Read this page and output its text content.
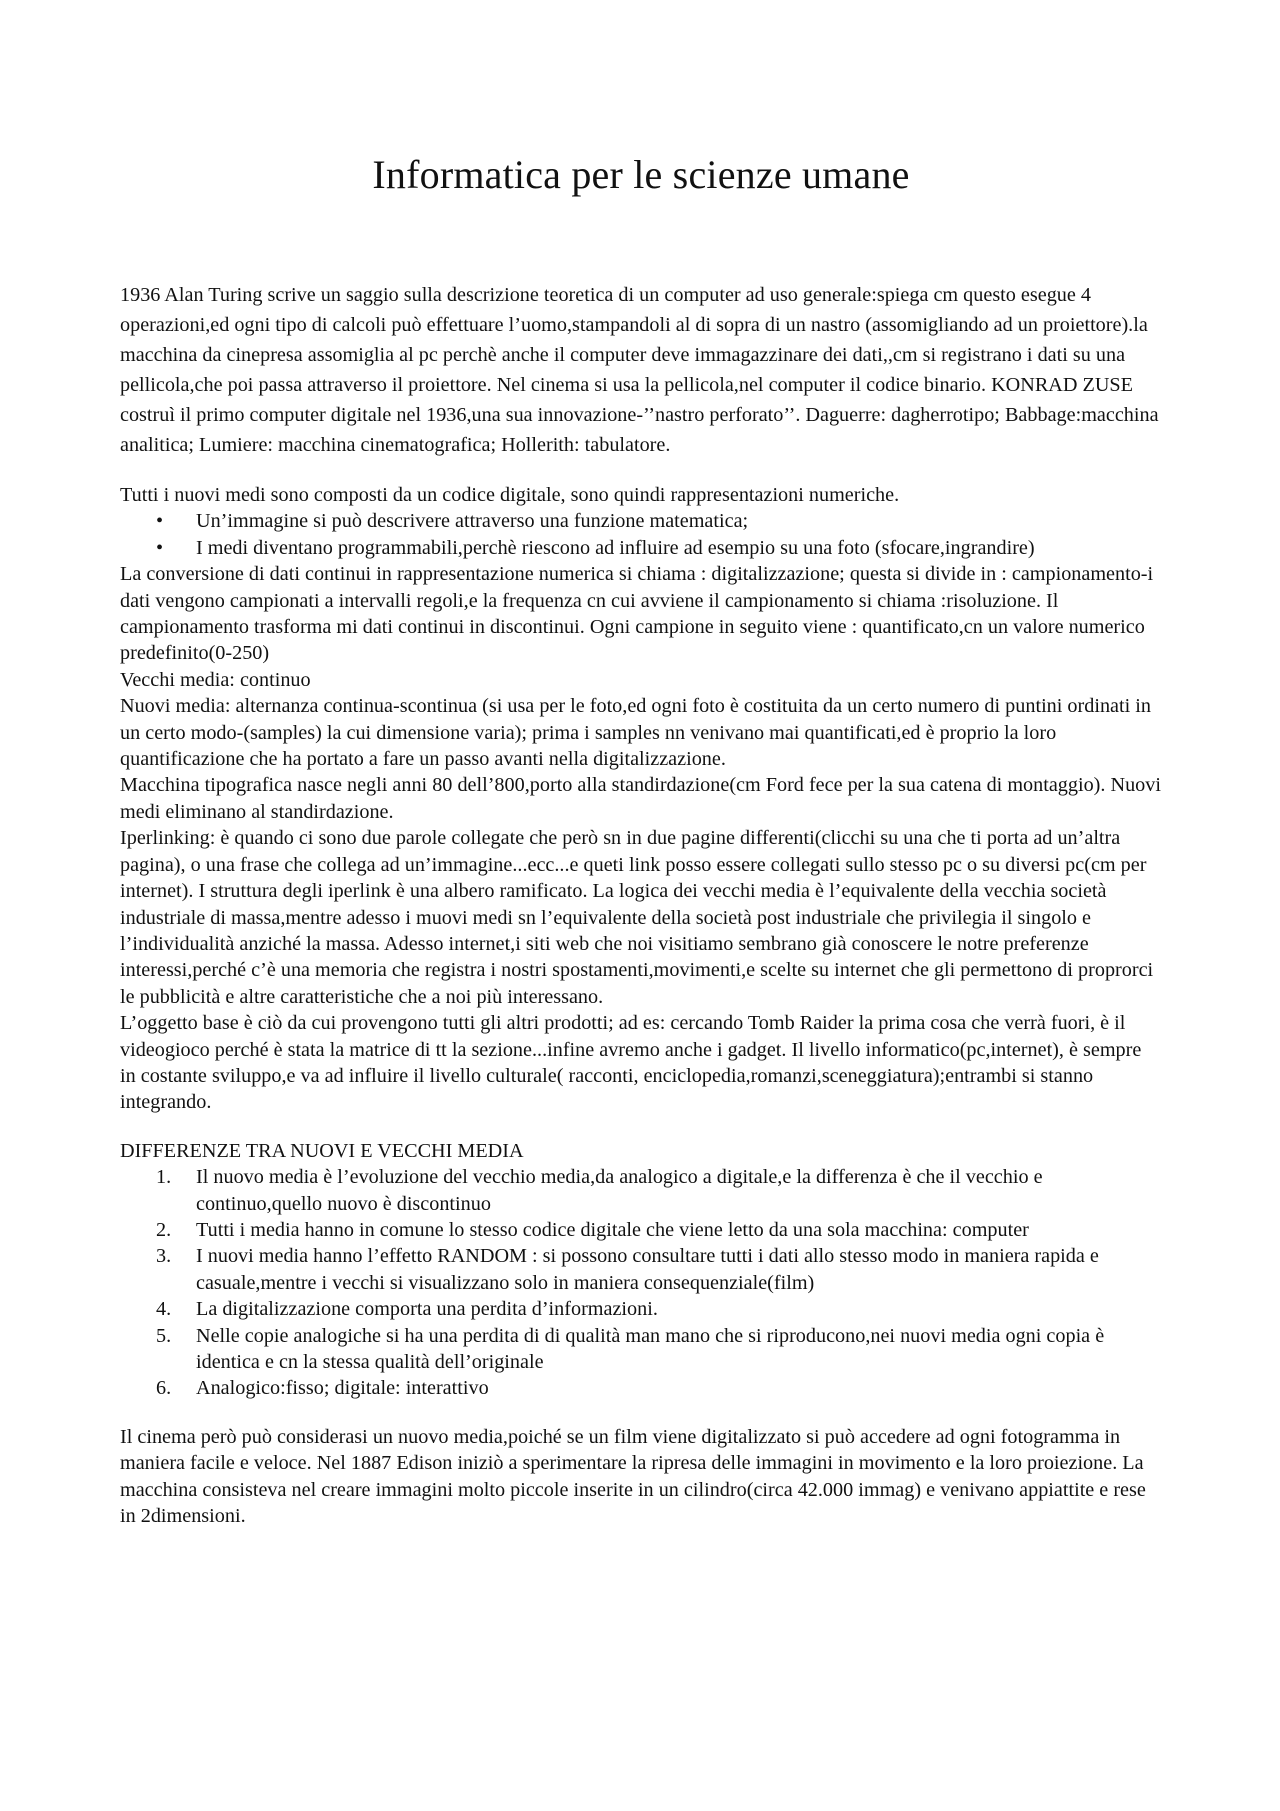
Informatica per le scienze umane

1936 Alan Turing scrive un saggio sulla descrizione teoretica di un computer ad uso generale:spiega cm questo esegue 4 operazioni,ed ogni tipo di calcoli può effettuare l’uomo,stampandoli al di sopra di un nastro (assomigliando ad un proiettore).la macchina da cinepresa assomiglia al pc perchè anche il computer deve immagazzinare dei dati,,cm si registrano i dati su una pellicola,che poi passa attraverso il proiettore. Nel cinema si usa la pellicola,nel computer il codice binario. KONRAD ZUSE costruì il primo computer digitale nel 1936,una sua innovazione-’’nastro perforato’’. Daguerre: dagherrotipo; Babbage:macchina analitica; Lumiere: macchina cinematografica; Hollerith: tabulatore.

Tutti i nuovi medi sono composti da un codice digitale, sono quindi rappresentazioni numeriche.

• Un’immagine si può descrivere attraverso una funzione matematica;
• I medi diventano programmabili,perchè riescono ad influire ad esempio su una foto (sfocare,ingrandire)

La conversione di dati continui in rappresentazione numerica si chiama : digitalizzazione; questa si divide in : campionamento-i dati vengono campionati a intervalli regoli,e la frequenza cn cui avviene il campionamento si chiama :risoluzione. Il campionamento trasforma mi dati continui in discontinui. Ogni campione in seguito viene : quantificato,cn un valore numerico predefinito(0-250)

Vecchi media: continuo

Nuovi media: alternanza continua-scontinua (si usa per le foto,ed ogni foto è costituita da un certo numero di puntini ordinati in un certo modo-(samples) la cui dimensione varia); prima i samples nn venivano mai quantificati,ed è proprio la loro quantificazione che ha portato a fare un passo avanti nella digitalizzazione.

Macchina tipografica nasce negli anni 80 dell’800,porto alla standirdazione(cm Ford fece per la sua catena di montaggio). Nuovi medi eliminano al standirdazione.

Iperlinking: è quando ci sono due parole collegate che però sn in due pagine differenti(clicchi su una che ti porta ad un’altra pagina), o una frase che collega ad un’immagine...ecc...e queti link posso essere collegati sullo stesso pc o su diversi pc(cm per internet). I struttura degli iperlink è una albero ramificato. La logica dei vecchi media è l’equivalente della vecchia società industriale di massa,mentre adesso i muovi medi sn l’equivalente della società post industriale che privilegia il singolo e l’individualità anziché la massa. Adesso internet,i siti web che noi visitiamo sembrano già conoscere le notre preferenze interessi,perché c’è una memoria che registra i nostri spostamenti,movimenti,e scelte su internet che gli permettono di proprorci le pubblicità e altre caratteristiche che a noi più interessano.

L’oggetto base è ciò da cui provengono tutti gli altri prodotti; ad es: cercando Tomb Raider la prima cosa che verrà fuori, è il videogioco perché è stata la matrice di tt la sezione...infine avremo anche i gadget. Il livello informatico(pc,internet), è sempre in costante sviluppo,e va ad influire il livello culturale( racconti, enciclopedia,romanzi,sceneggiatura);entrambi si stanno integrando.

DIFFERENZE TRA NUOVI E VECCHI MEDIA

1. Il nuovo media è l’evoluzione del vecchio media,da analogico a digitale,e la differenza è che il vecchio e continuo,quello nuovo è discontinuo
2. Tutti i media hanno in comune lo stesso codice digitale che viene letto da una sola macchina: computer
3. I nuovi media hanno l’effetto RANDOM : si possono consultare tutti i dati allo stesso modo in maniera rapida e casuale,mentre i vecchi si visualizzano solo in maniera consequenziale(film)
4. La digitalizzazione comporta una perdita d’informazioni.
5. Nelle copie analogiche si ha una perdita di di qualità man mano che si riproducono,nei nuovi media ogni copia è identica e cn la stessa qualità dell’originale
6. Analogico:fisso; digitale: interattivo

Il cinema però può considerasi un nuovo media,poiché se un film viene digitalizzato si può accedere ad ogni fotogramma in maniera facile e veloce. Nel 1887 Edison iniziò a sperimentare la ripresa delle immagini in movimento e la loro proiezione. La macchina consisteva nel creare immagini molto piccole inserite in un cilindro(circa 42.000 immag) e venivano appiattite e rese in 2dimensioni.
